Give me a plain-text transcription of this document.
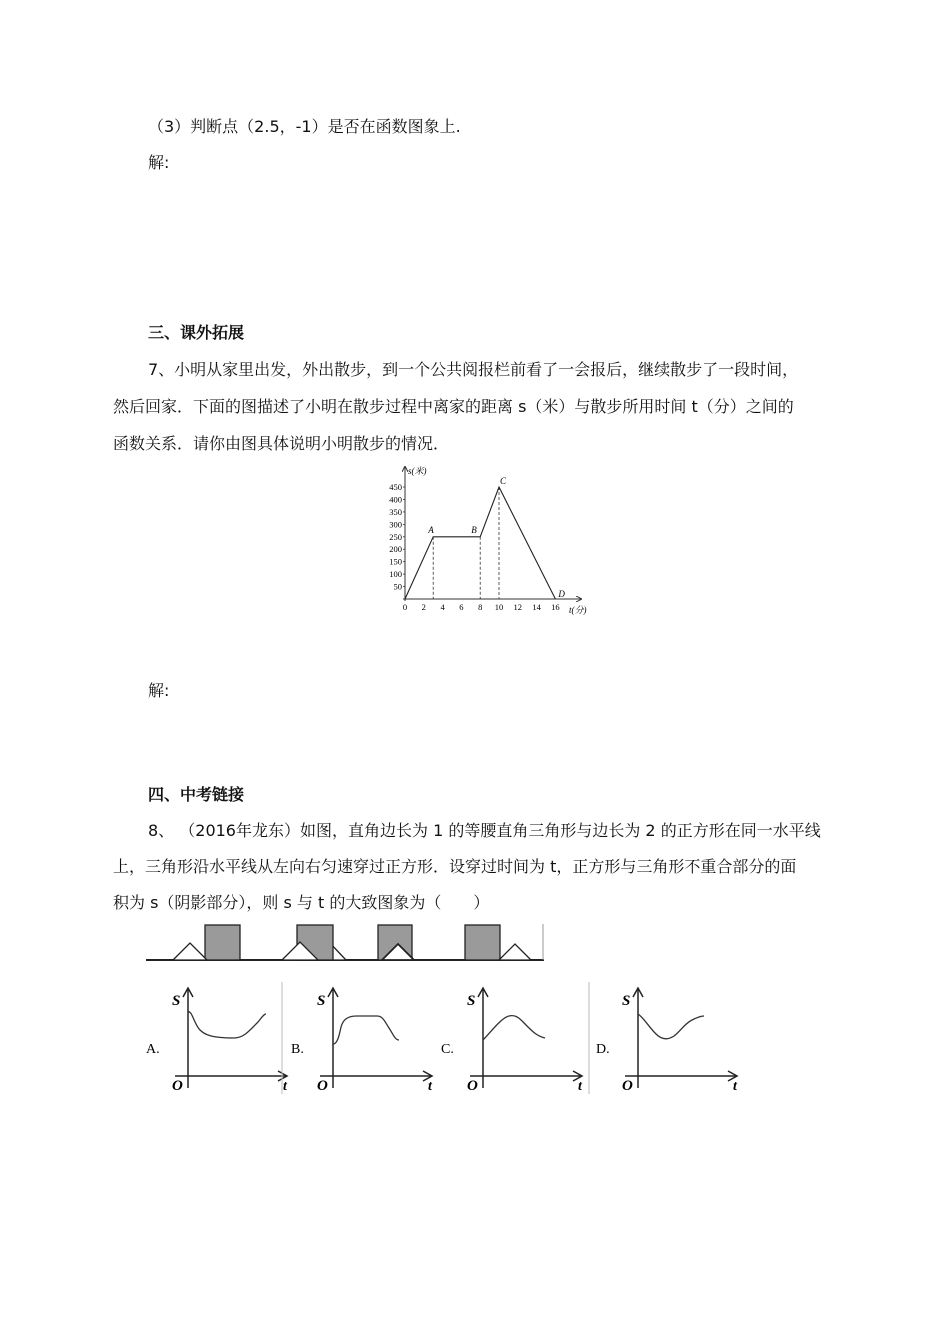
（3）判断点（2.5，-1）是否在函数图象上.
解:
三、课外拓展
7、小明从家里出发，外出散步，到一个公共阅报栏前看了一会报后，继续散步了一段时间，
然后回家．下面的图描述了小明在散步过程中离家的距离 s（米）与散步所用时间 t（分）之间的
函数关系．请你由图具体说明小明散步的情况．
s(米)
t(分)
50
100
150
200
250
300
350
400
450
0 2 4 6 8 10 12 14 16
A	B
C
D
解:
四、中考链接
8、 （2016年龙东）如图，直角边长为 1 的等腰直角三角形与边长为 2 的正方形在同一水平线
上，三角形沿水平线从左向右匀速穿过正方形．设穿过时间为 t，正方形与三角形不重合部分的面
积为 s（阴影部分），则 s 与 t 的大致图象为（　　）
S
O	t
A.
S
O	t
B.
S
O	t
C.
S
O	t
D.
